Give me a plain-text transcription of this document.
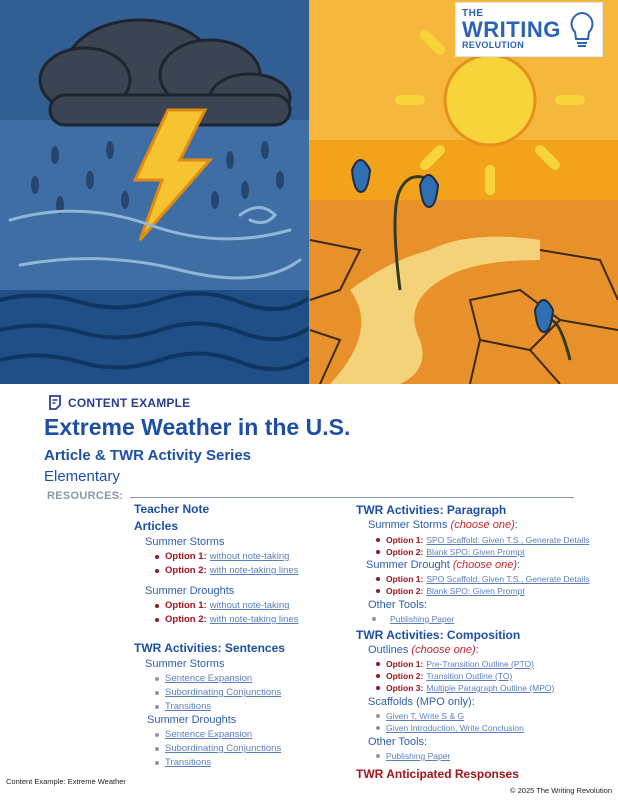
THE
WRITING
REVOLUTION
CONTENT EXAMPLE
Extreme Weather in the U.S.
Article & TWR Activity Series
Elementary
RESOURCES:
Teacher Note
Articles
Summer Storms
Option 1: without note-taking
Option 2: with note-taking lines
Summer Droughts
Option 1: without note-taking
Option 2: with note-taking lines
TWR Activities: Sentences
Summer Storms
Sentence Expansion
Subordinating Conjunctions
Transitions
Summer Droughts
Sentence Expansion
Subordinating Conjunctions
Transitions
TWR Activities: Paragraph
Summer Storms (choose one):
Option 1: SPO Scaffold: Given T.S., Generate Details
Option 2: Blank SPO: Given Prompt
Summer Drought (choose one):
Option 1: SPO Scaffold: Given T.S., Generate Details
Option 2: Blank SPO: Given Prompt
Other Tools:
Publishing Paper
TWR Activities: Composition
Outlines (choose one):
Option 1: Pre-Transition Outline (PTO)
Option 2: Transition Outline (TO)
Option 3: Multiple Paragraph Outline (MPO)
Scaffolds (MPO only):
Given T, Write S & G
Given Introduction, Write Conclusion
Other Tools:
Publishing Paper
TWR Anticipated Responses
Content Example: Extreme Weather
© 2025 The Writing Revolution
